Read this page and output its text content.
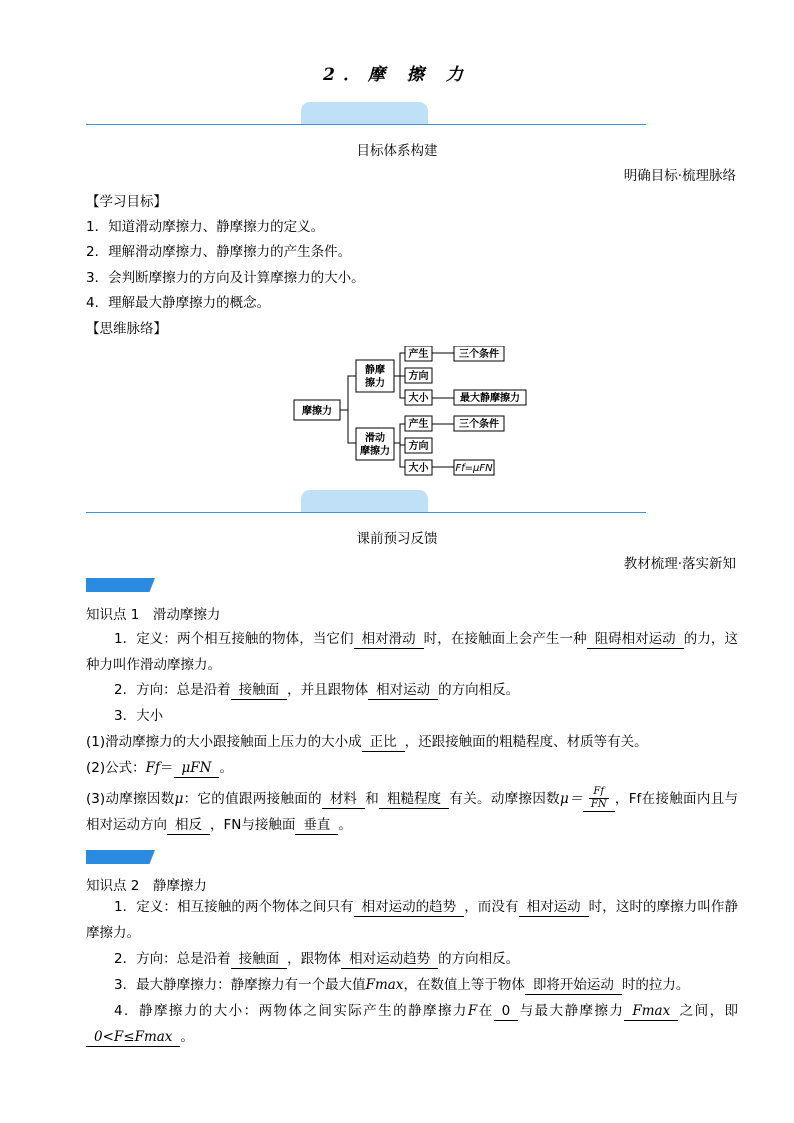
2．摩 擦 力
目标体系构建
明确目标·梳理脉络
【学习目标】
1．知道滑动摩擦力、静摩擦力的定义。
2．理解滑动摩擦力、静摩擦力的产生条件。
3．会判断摩擦力的方向及计算摩擦力的大小。
4．理解最大静摩擦力的概念。
【思维脉络】
摩擦力
静摩
擦力
产生
方向
大小
三个条件
最大静摩擦力
滑动
摩擦力
产生
方向
大小
三个条件
Ff=μFN
课前预习反馈
教材梳理·落实新知
知识点 1　滑动摩擦力
1．定义：两个相互接触的物体，当它们 相对滑动 时，在接触面上会产生一种 阻碍相对运动 的力，这种力叫作滑动摩擦力。
2．方向：总是沿着 接触面 ，并且跟物体 相对运动 的方向相反。
3．大小
(1)滑动摩擦力的大小跟接触面上压力的大小成 正比 ，还跟接触面的粗糙程度、材质等有关。
(2)公式：Ff＝ μFN 。
(3)动摩擦因数μ：它的值跟两接触面的 材料 和 粗糙程度 有关。动摩擦因数$\mu= \frac{Ff}{FN}$ ，Ff在接触面内且与相对运动方向 相反 ，FN与接触面 垂直 。
知识点 2　静摩擦力
1．定义：相互接触的两个物体之间只有 相对运动的趋势 ，而没有 相对运动 时，这时的摩擦力叫作静摩擦力。
2．方向：总是沿着 接触面 ，跟物体 相对运动趋势 的方向相反。
3．最大静摩擦力：静摩擦力有一个最大值Fmax，在数值上等于物体 即将开始运动 时的拉力。
4．静摩擦力的大小：两物体之间实际产生的静摩擦力F在 0 与最大静摩擦力 Fmax 之间，即0<F≤Fmax 。
